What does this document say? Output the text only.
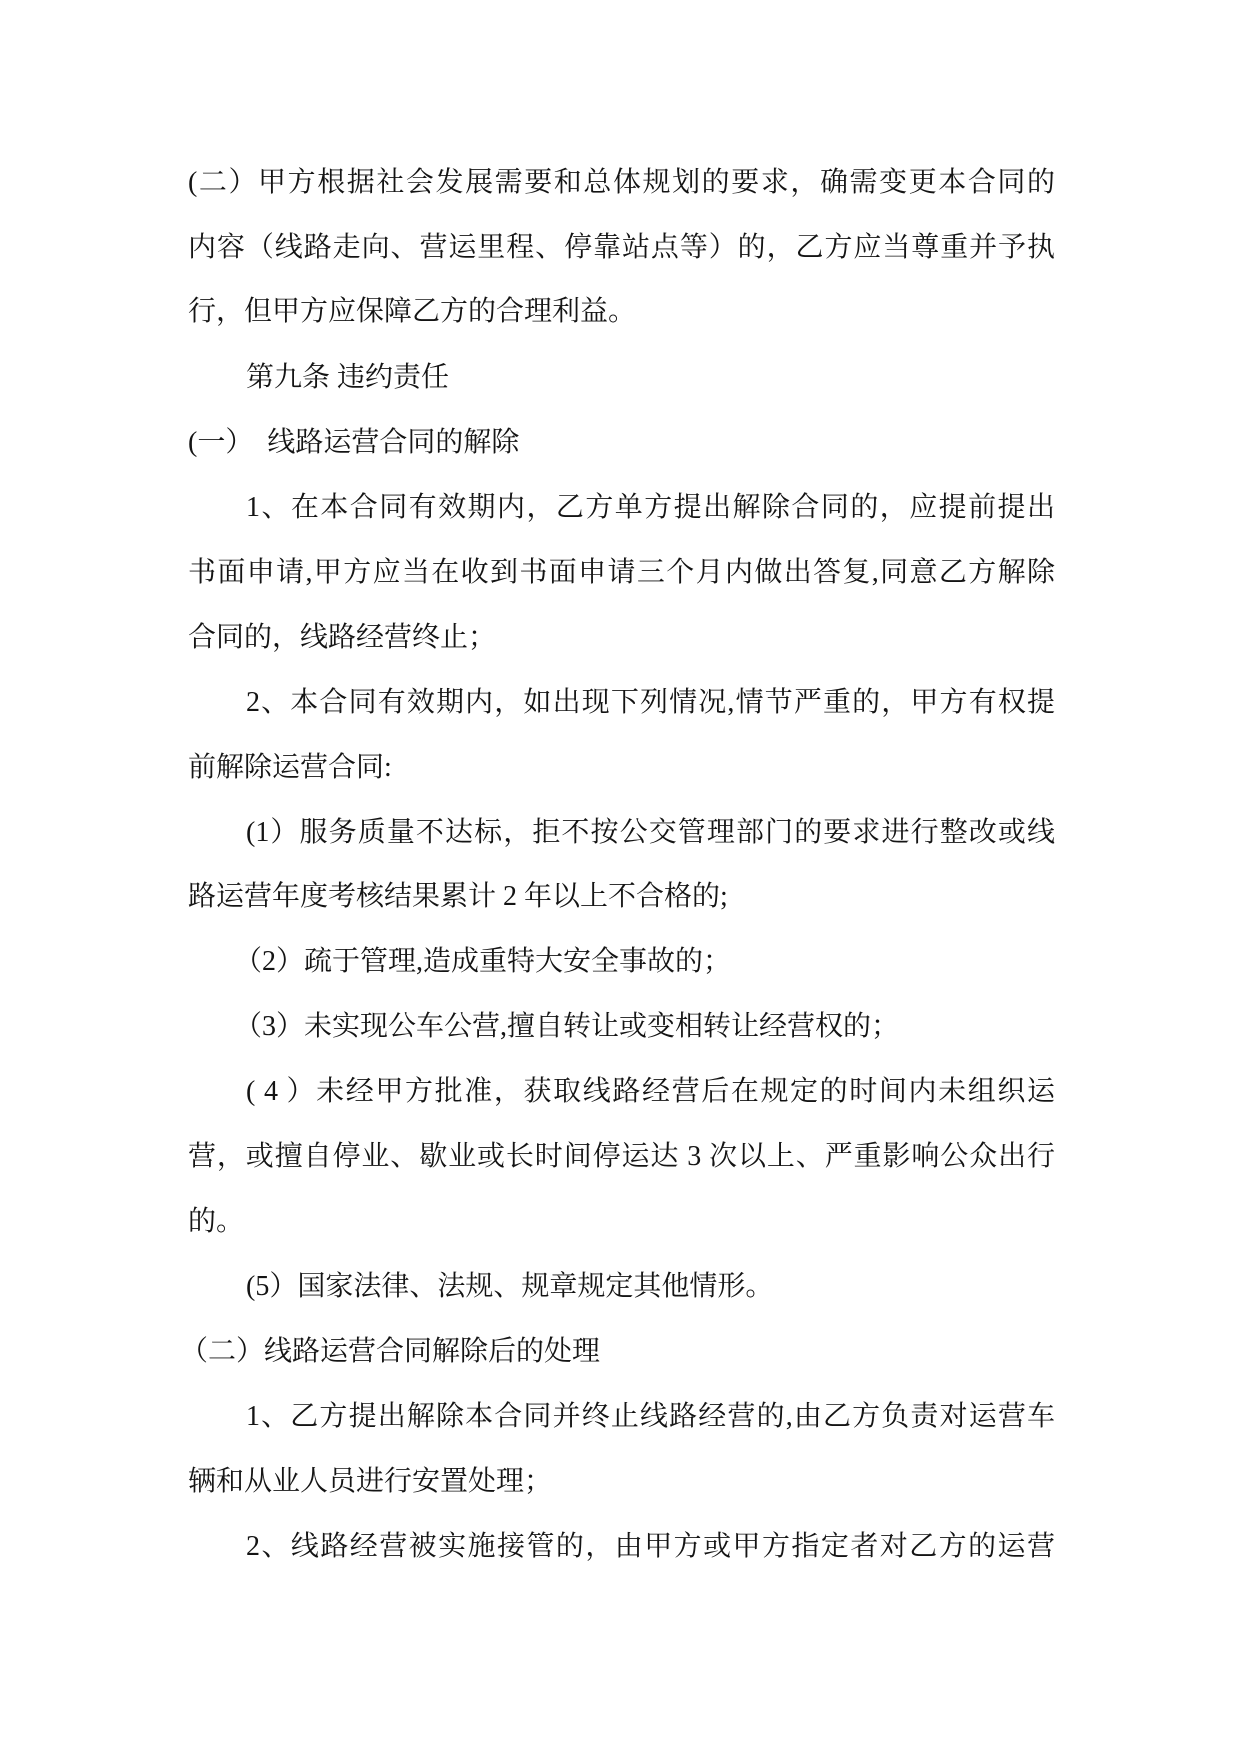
(二）甲方根据社会发展需要和总体规划的要求，确需变更本合同的

内容（线路走向、营运里程、停靠站点等）的，乙方应当尊重并予执

行，但甲方应保障乙方的合理利益。

第九条 违约责任

(一）  线路运营合同的解除

1、在本合同有效期内，乙方单方提出解除合同的，应提前提出

书面申请,甲方应当在收到书面申请三个月内做出答复,同意乙方解除

合同的，线路经营终止；

2、本合同有效期内，如出现下列情况,情节严重的，甲方有权提

前解除运营合同:

(1）服务质量不达标，拒不按公交管理部门的要求进行整改或线

路运营年度考核结果累计 2 年以上不合格的;

（2）疏于管理,造成重特大安全事故的；

（3）未实现公车公营,擅自转让或变相转让经营权的；

( 4 ）未经甲方批准，获取线路经营后在规定的时间内未组织运

营，或擅自停业、歇业或长时间停运达 3 次以上、严重影响公众出行

的。

(5）国家法律、法规、规章规定其他情形。

（二）线路运营合同解除后的处理

1、乙方提出解除本合同并终止线路经营的,由乙方负责对运营车

辆和从业人员进行安置处理；

2、线路经营被实施接管的，由甲方或甲方指定者对乙方的运营
